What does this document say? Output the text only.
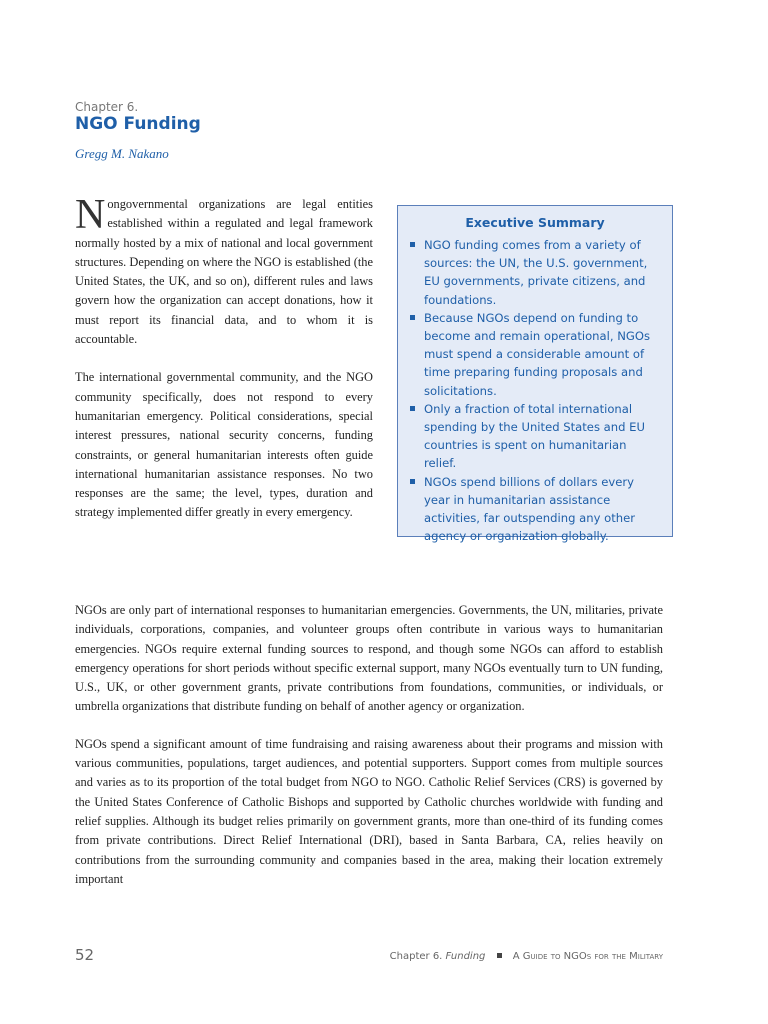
Chapter 6.
NGO Funding
Gregg M. Nakano

N ongovernmental organizations are legal entities established within a regulated and legal framework normally hosted by a mix of national and local government structures. Depending on where the NGO is established (the United States, the UK, and so on), different rules and laws govern how the organization can accept donations, how it must report its financial data, and to whom it is accountable.

The international governmental community, and the NGO community specifically, does not respond to every humanitarian emergency. Political considerations, special interest pressures, national security concerns, funding constraints, or general humanitarian interests often guide international humanitarian assistance responses. No two responses are the same; the level, types, duration and strategy implemented differ greatly in every emergency.

Executive Summary
NGO funding comes from a variety of sources: the UN, the U.S. government, EU governments, private citizens, and foundations.
Because NGOs depend on funding to become and remain operational, NGOs must spend a considerable amount of time preparing funding proposals and solicitations.
Only a fraction of total international spending by the United States and EU countries is spent on humanitarian relief.
NGOs spend billions of dollars every year in humanitarian assistance activities, far outspending any other agency or organization globally.

NGOs are only part of international responses to humanitarian emergencies. Governments, the UN, militaries, private individuals, corporations, companies, and volunteer groups often contribute in various ways to humanitarian emergencies. NGOs require external funding sources to respond, and though some NGOs can afford to establish emergency operations for short periods without specific external support, many NGOs eventually turn to UN funding, U.S., UK, or other government grants, private contributions from foundations, communities, or individuals, or umbrella organizations that distribute funding on behalf of another agency or organization.

NGOs spend a significant amount of time fundraising and raising awareness about their programs and mission with various communities, populations, target audiences, and potential supporters. Support comes from multiple sources and varies as to its proportion of the total budget from NGO to NGO. Catholic Relief Services (CRS) is governed by the United States Conference of Catholic Bishops and supported by Catholic churches worldwide with funding and relief supplies. Although its budget relies primarily on government grants, more than one-third of its funding comes from private contributions. Direct Relief International (DRI), based in Santa Barbara, CA, relies heavily on contributions from the surrounding community and companies based in the area, making their location extremely important

52	Chapter 6. Funding	A Guide to NGOs for the Military
